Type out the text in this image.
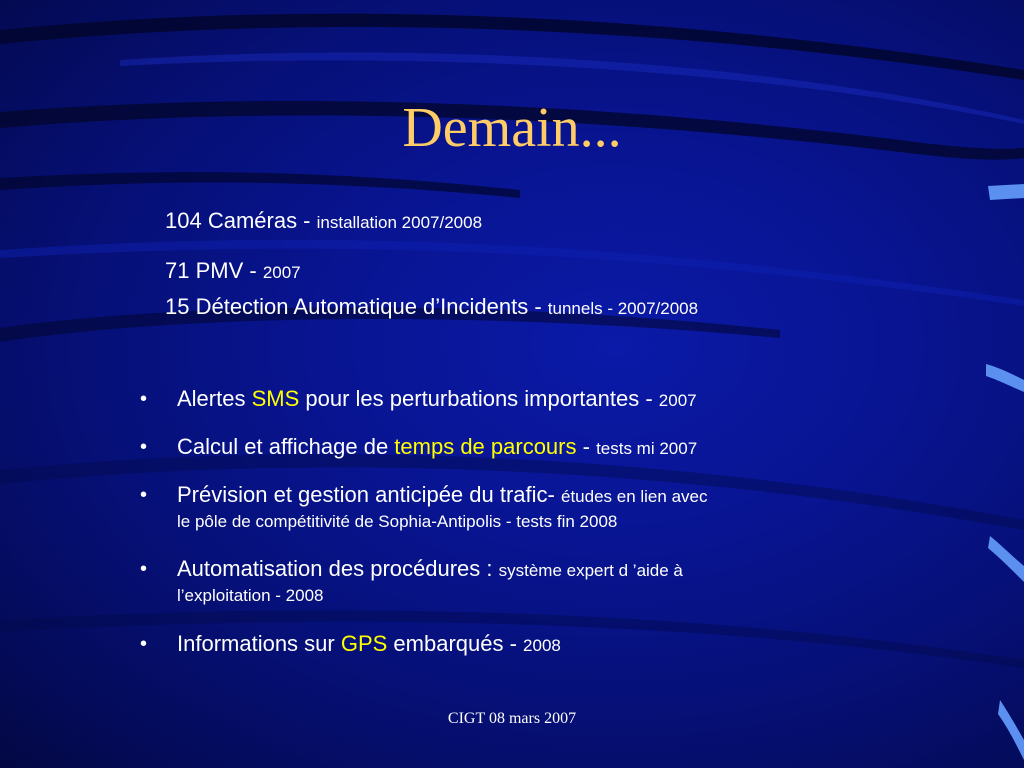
Demain...
104 Caméras - installation 2007/2008
71 PMV - 2007
15 Détection Automatique d’Incidents - tunnels - 2007/2008
• Alertes SMS pour les perturbations importantes - 2007
• Calcul et affichage de temps de parcours - tests mi 2007
• Prévision et gestion anticipée du trafic- études en lien avec
le pôle de compétitivité de Sophia-Antipolis - tests fin 2008
• Automatisation des procédures : système expert d ’aide à
l’exploitation - 2008
• Informations sur GPS embarqués - 2008
CIGT 08 mars 2007
